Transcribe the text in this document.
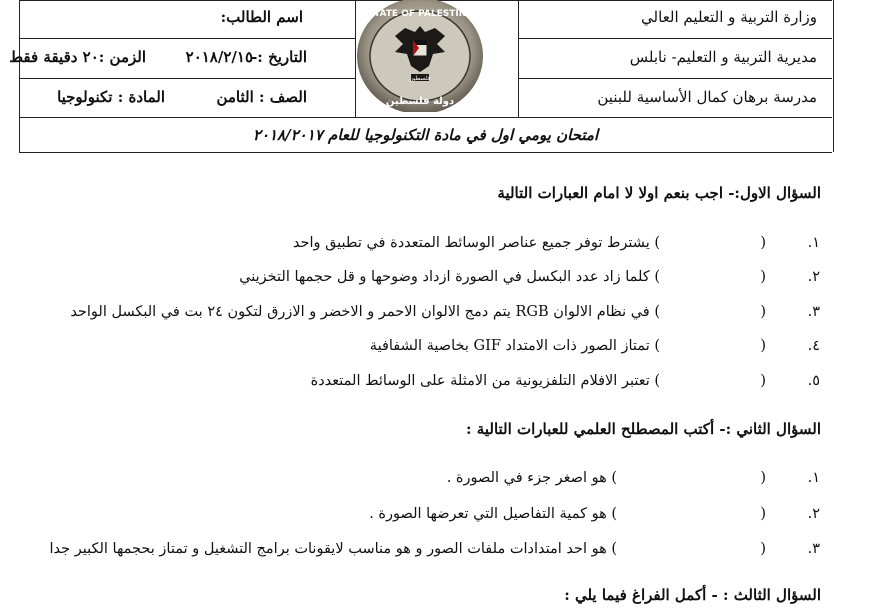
وزارة التربية و التعليم العالي
مديرية التربية و التعليم- نابلس
مدرسة برهان كمال الأساسية للبنين
اسم الطالب:
التاريخ :-
٢٠١٨/٢/١٥
الزمن :٢٠ دقيقة فقط
الصف : الثامن
المادة : تكنولوجيا
STATE OF PALESTINE
فلسطين
دولة فلسطين
امتحان يومي اول في مادة التكنولوجيا للعام ٢٠١٨/٢٠١٧
السؤال الاول:- اجب بنعم اولا لا امام العبارات التالية
١.
(
) يشترط توفر جميع عناصر الوسائط المتعددة في تطبيق واحد
٢.
(
) كلما زاد عدد البكسل في الصورة ازداد وضوحها و قل حجمها التخزيني
٣.
(
) في نظام الالوان RGB يتم دمج الالوان الاحمر و الاخضر و الازرق لتكون ٢٤ بت في البكسل الواحد
٤.
(
) تمتاز الصور ذات الامتداد GIF بخاصية الشفافية
٥.
(
) تعتبر الافلام التلفزيونية من الامثلة على الوسائط المتعددة
السؤال الثاني :- أكتب المصطلح العلمي للعبارات التالية :
١.
(
) هو اصغر جزء في الصورة .
٢.
(
) هو كمية التفاصيل التي تعرضها الصورة .
٣.
(
) هو احد امتدادات ملفات الصور و هو مناسب لايقونات برامج التشغيل و تمتاز بحجمها الكبير جدا
السؤال الثالث : - أكمل الفراغ فيما يلي :
